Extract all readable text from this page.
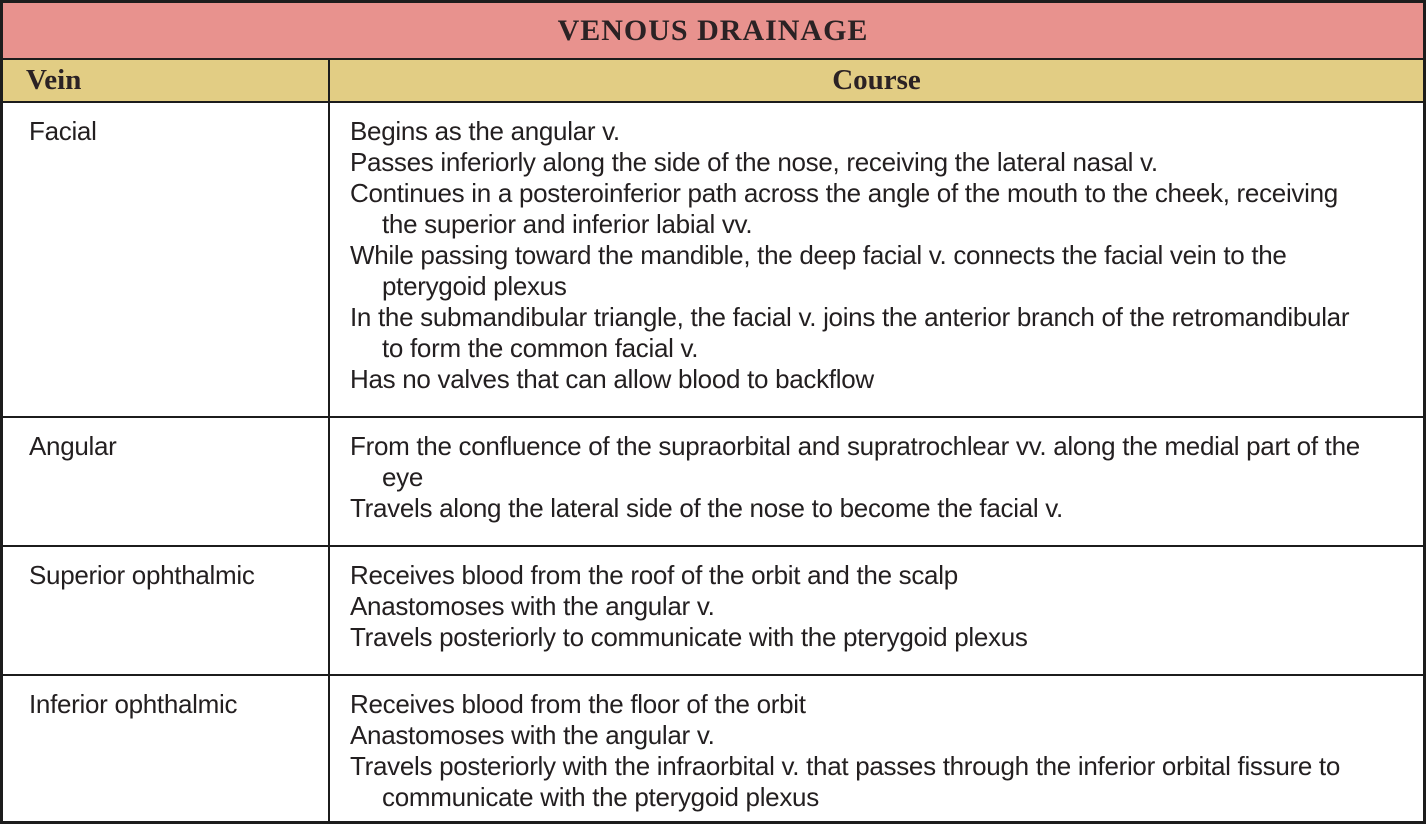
VENOUS DRAINAGE
Vein	Course
Facial	Begins as the angular v.
Passes inferiorly along the side of the nose, receiving the lateral nasal v.
Continues in a posteroinferior path across the angle of the mouth to the cheek, receiving the superior and inferior labial vv.
While passing toward the mandible, the deep facial v. connects the facial vein to the pterygoid plexus
In the submandibular triangle, the facial v. joins the anterior branch of the retromandibular to form the common facial v.
Has no valves that can allow blood to backflow
Angular	From the confluence of the supraorbital and supratrochlear vv. along the medial part of the eye
Travels along the lateral side of the nose to become the facial v.
Superior ophthalmic	Receives blood from the roof of the orbit and the scalp
Anastomoses with the angular v.
Travels posteriorly to communicate with the pterygoid plexus
Inferior ophthalmic	Receives blood from the floor of the orbit
Anastomoses with the angular v.
Travels posteriorly with the infraorbital v. that passes through the inferior orbital fissure to communicate with the pterygoid plexus
